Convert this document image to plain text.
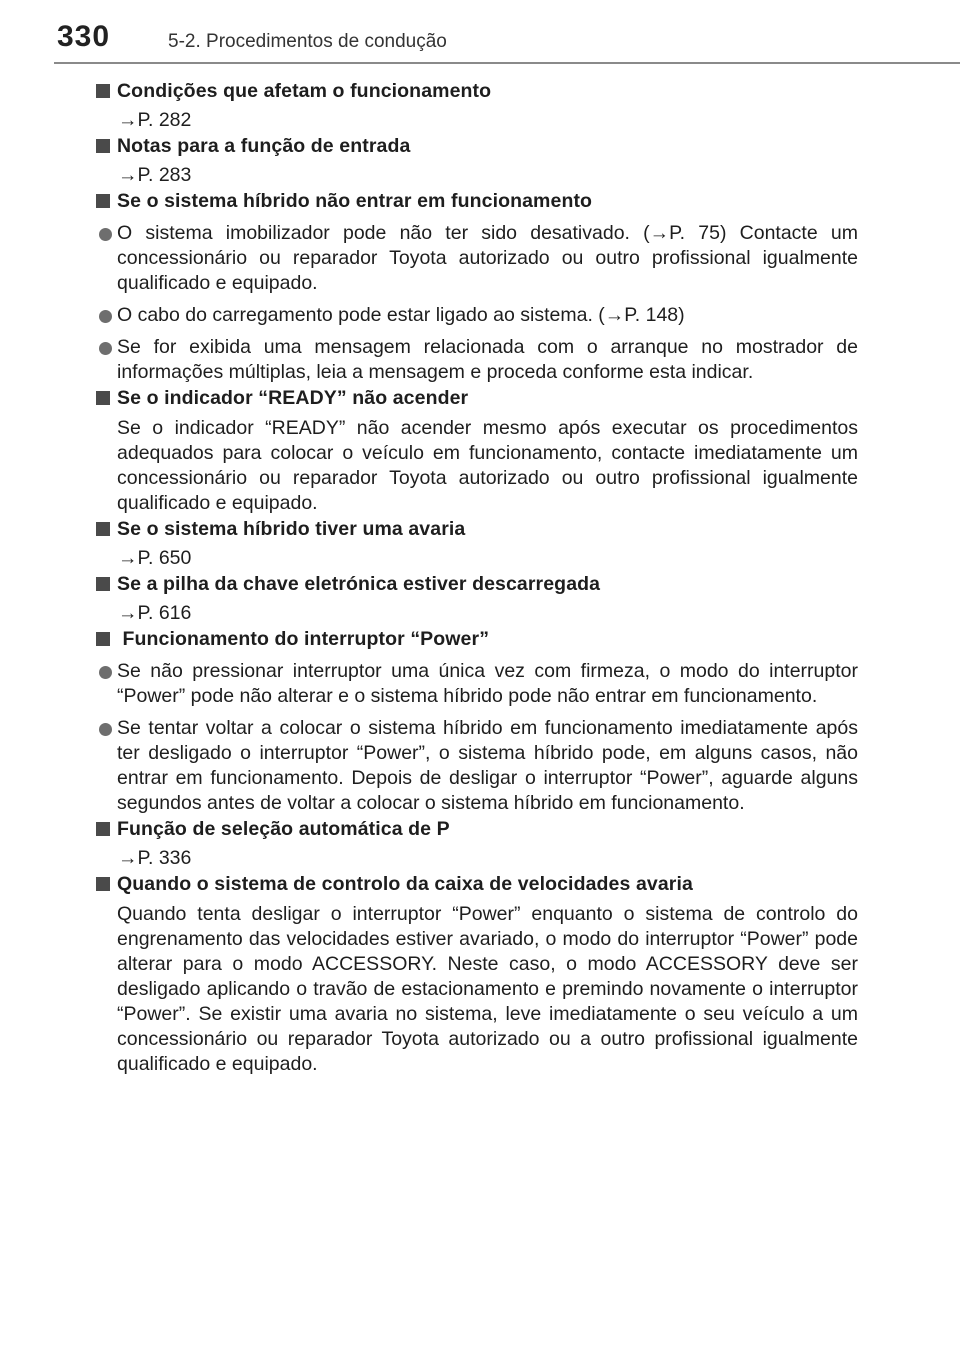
330	5-2. Procedimentos de condução
Condições que afetam o funcionamento
→P. 282
Notas para a função de entrada
→P. 283
Se o sistema híbrido não entrar em funcionamento
O sistema imobilizador pode não ter sido desativado. (→P. 75) Contacte um concessionário ou reparador Toyota autorizado ou outro profissional igualmente qualificado e equipado.
O cabo do carregamento pode estar ligado ao sistema. (→P. 148)
Se for exibida uma mensagem relacionada com o arranque no mostrador de informações múltiplas, leia a mensagem e proceda conforme esta indicar.
Se o indicador “READY” não acender
Se o indicador “READY” não acender mesmo após executar os procedimentos adequados para colocar o veículo em funcionamento, contacte imediatamente um concessionário ou reparador Toyota autorizado ou outro profissional igualmente qualificado e equipado.
Se o sistema híbrido tiver uma avaria
→P. 650
Se a pilha da chave eletrónica estiver descarregada
→P. 616
Funcionamento do interruptor “Power”
Se não pressionar interruptor uma única vez com firmeza, o modo do interruptor “Power” pode não alterar e o sistema híbrido pode não entrar em funcionamento.
Se tentar voltar a colocar o sistema híbrido em funcionamento imediatamente após ter desligado o interruptor “Power”, o sistema híbrido pode, em alguns casos, não entrar em funcionamento. Depois de desligar o interruptor “Power”, aguarde alguns segundos antes de voltar a colocar o sistema híbrido em funcionamento.
Função de seleção automática de P
→P. 336
Quando o sistema de controlo da caixa de velocidades avaria
Quando tenta desligar o interruptor “Power” enquanto o sistema de controlo do engrenamento das velocidades estiver avariado, o modo do interruptor “Power” pode alterar para o modo ACCESSORY. Neste caso, o modo ACCESSORY deve ser desligado aplicando o travão de estacionamento e premindo novamente o interruptor “Power”. Se existir uma avaria no sistema, leve imediatamente o seu veículo a um concessionário ou reparador Toyota autorizado ou a outro profissional igualmente qualificado e equipado.
